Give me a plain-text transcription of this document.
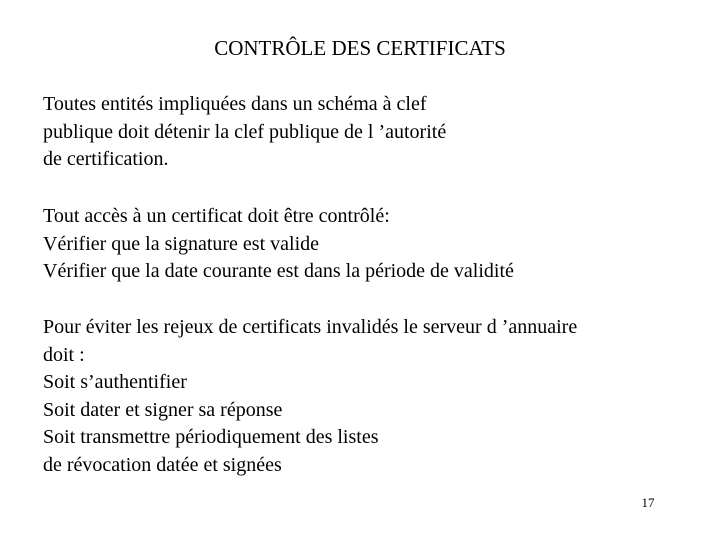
CONTRÔLE DES CERTIFICATS
Toutes entités impliquées dans un schéma à clef
publique doit détenir la clef publique de l ’autorité
de certification.
Tout accès à un certificat doit être contrôlé:
Vérifier que la signature est valide
Vérifier que la date courante est dans la période de validité
Pour éviter les rejeux de certificats invalidés le serveur d ’annuaire
doit :
Soit s’authentifier
Soit dater et signer sa réponse
Soit transmettre périodiquement des listes
de révocation datée et signées
17
